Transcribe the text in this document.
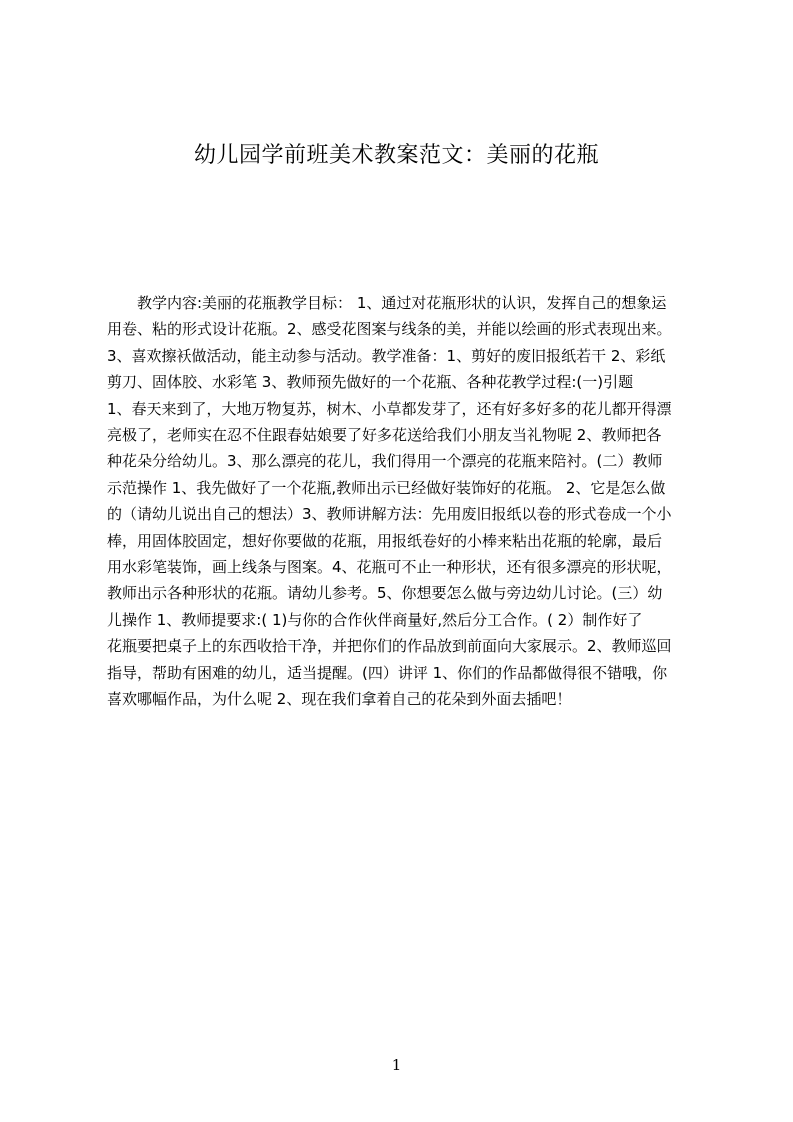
幼儿园学前班美术教案范文：美丽的花瓶
教学内容:美丽的花瓶教学目标： 1、通过对花瓶形状的认识，发挥自己的想象运
用卷、粘的形式设计花瓶。2、感受花图案与线条的美，并能以绘画的形式表现出来。
3、喜欢擦袄做活动，能主动参与活动。教学准备：1、剪好的废旧报纸若干 2、彩纸
剪刀、固体胶、水彩笔 3、教师预先做好的一个花瓶、各种花教学过程:(一)引题
1、春天来到了，大地万物复苏，树木、小草都发芽了，还有好多好多的花儿都开得漂
亮极了，老师实在忍不住跟春姑娘要了好多花送给我们小朋友当礼物呢 2、教师把各
种花朵分给幼儿。3、那么漂亮的花儿，我们得用一个漂亮的花瓶来陪衬。(二）教师
示范操作 1、我先做好了一个花瓶,教师出示已经做好装饰好的花瓶。 2、它是怎么做
的（请幼儿说出自己的想法）3、教师讲解方法：先用废旧报纸以卷的形式卷成一个小
棒，用固体胶固定，想好你要做的花瓶，用报纸卷好的小棒来粘出花瓶的轮廓，最后
用水彩笔装饰，画上线条与图案。4、花瓶可不止一种形状，还有很多漂亮的形状呢，
教师出示各种形状的花瓶。请幼儿参考。5、你想要怎么做与旁边幼儿讨论。(三）幼
儿操作 1、教师提要求:( 1)与你的合作伙伴商量好,然后分工合作。( 2）制作好了
花瓶要把桌子上的东西收拾干净，并把你们的作品放到前面向大家展示。2、教师巡回
指导，帮助有困难的幼儿，适当提醒。(四）讲评 1、你们的作品都做得很不错哦，你
喜欢哪幅作品，为什么呢 2、现在我们拿着自己的花朵到外面去插吧！
1
